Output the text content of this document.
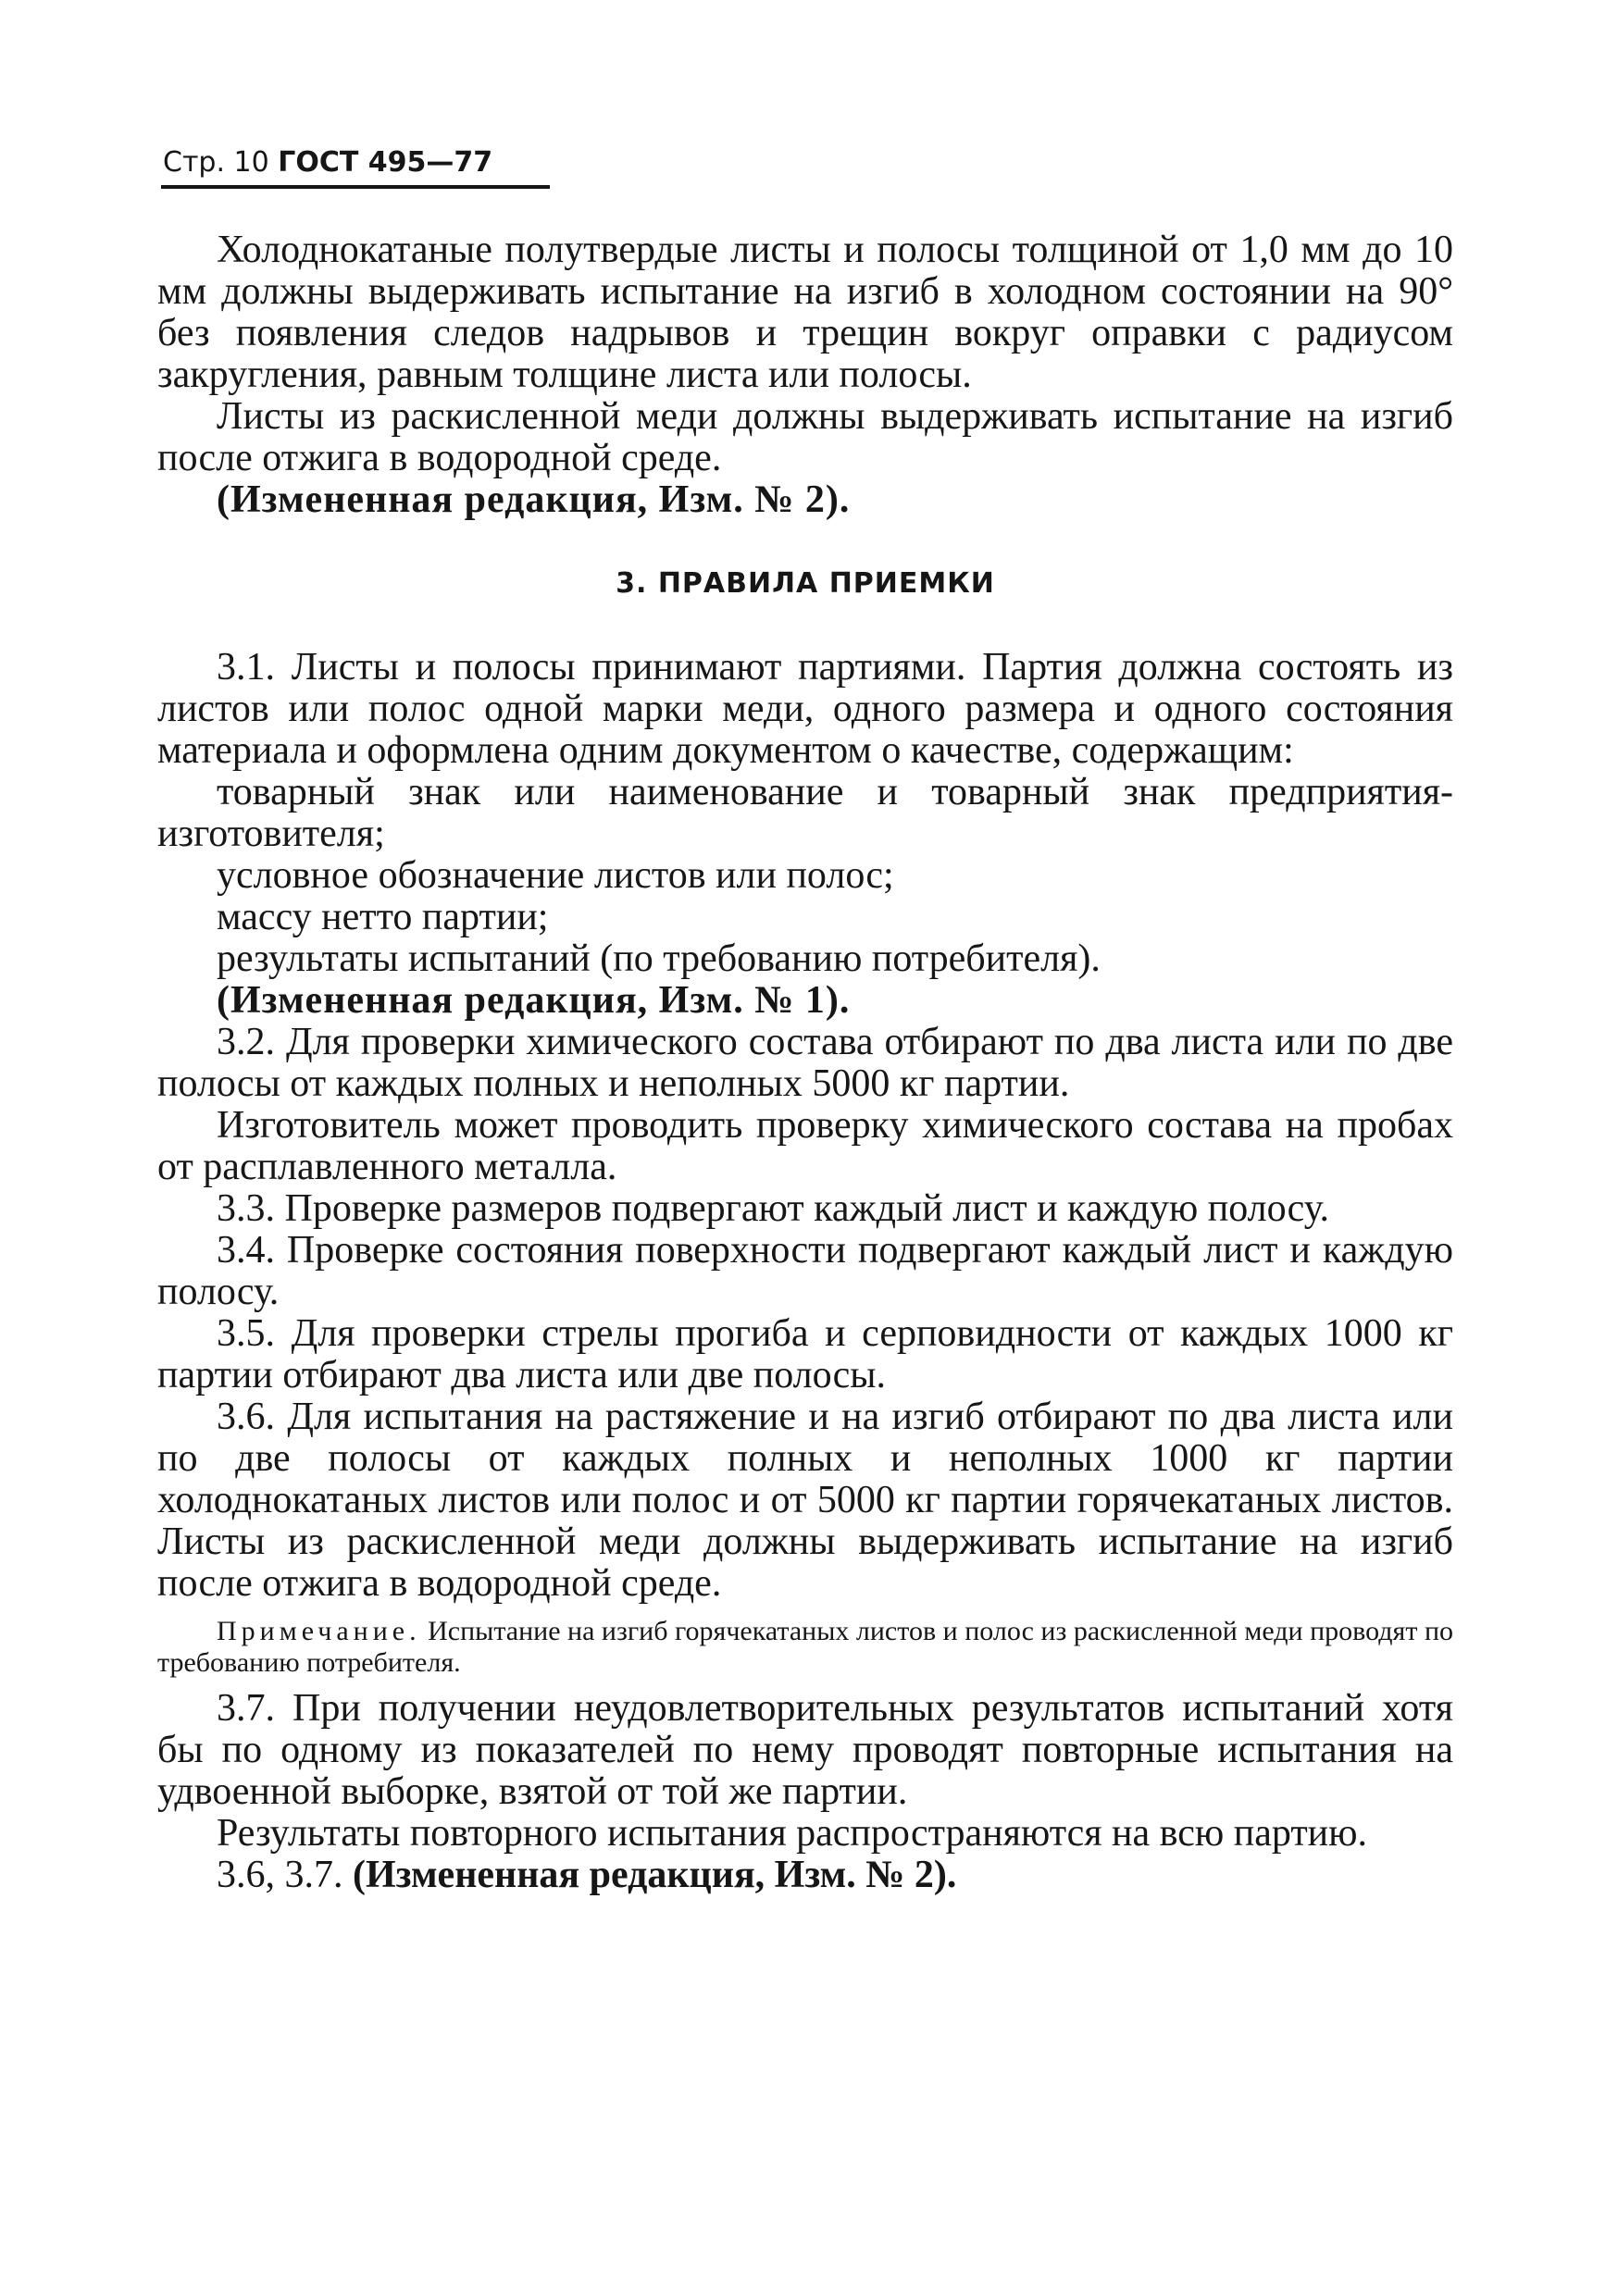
Стр. 10 ГОСТ 495—77

Холоднокатаные полутвердые листы и полосы толщиной от 1,0 мм до 10 мм должны выдерживать испытание на изгиб в холодном состоянии на 90° без появления следов надрывов и трещин вокруг оправки с радиусом закругления, равным толщине листа или полосы.

Листы из раскисленной меди должны выдерживать испытание на изгиб после отжига в водородной среде.

(Измененная редакция, Изм. № 2).

3. ПРАВИЛА ПРИЕМКИ

3.1. Листы и полосы принимают партиями. Партия должна состоять из листов или полос одной марки меди, одного размера и одного состояния материала и оформлена одним документом о качестве, содержащим:

товарный знак или наименование и товарный знак предприятия-изготовителя;

условное обозначение листов или полос;

массу нетто партии;

результаты испытаний (по требованию потребителя).

(Измененная редакция, Изм. № 1).

3.2. Для проверки химического состава отбирают по два листа или по две полосы от каждых полных и неполных 5000 кг партии.

Изготовитель может проводить проверку химического состава на пробах от расплавленного металла.

3.3. Проверке размеров подвергают каждый лист и каждую полосу.

3.4. Проверке состояния поверхности подвергают каждый лист и каждую полосу.

3.5. Для проверки стрелы прогиба и серповидности от каждых 1000 кг партии отбирают два листа или две полосы.

3.6. Для испытания на растяжение и на изгиб отбирают по два листа или по две полосы от каждых полных и неполных 1000 кг партии холоднокатаных листов или полос и от 5000 кг партии горячекатаных листов. Листы из раскисленной меди должны выдерживать испытание на изгиб после отжига в водородной среде.

Примечание. Испытание на изгиб горячекатаных листов и полос из раскисленной меди проводят по требованию потребителя.

3.7. При получении неудовлетворительных результатов испытаний хотя бы по одному из показателей по нему проводят повторные испытания на удвоенной выборке, взятой от той же партии.

Результаты повторного испытания распространяются на всю партию.

3.6, 3.7. (Измененная редакция, Изм. № 2).
